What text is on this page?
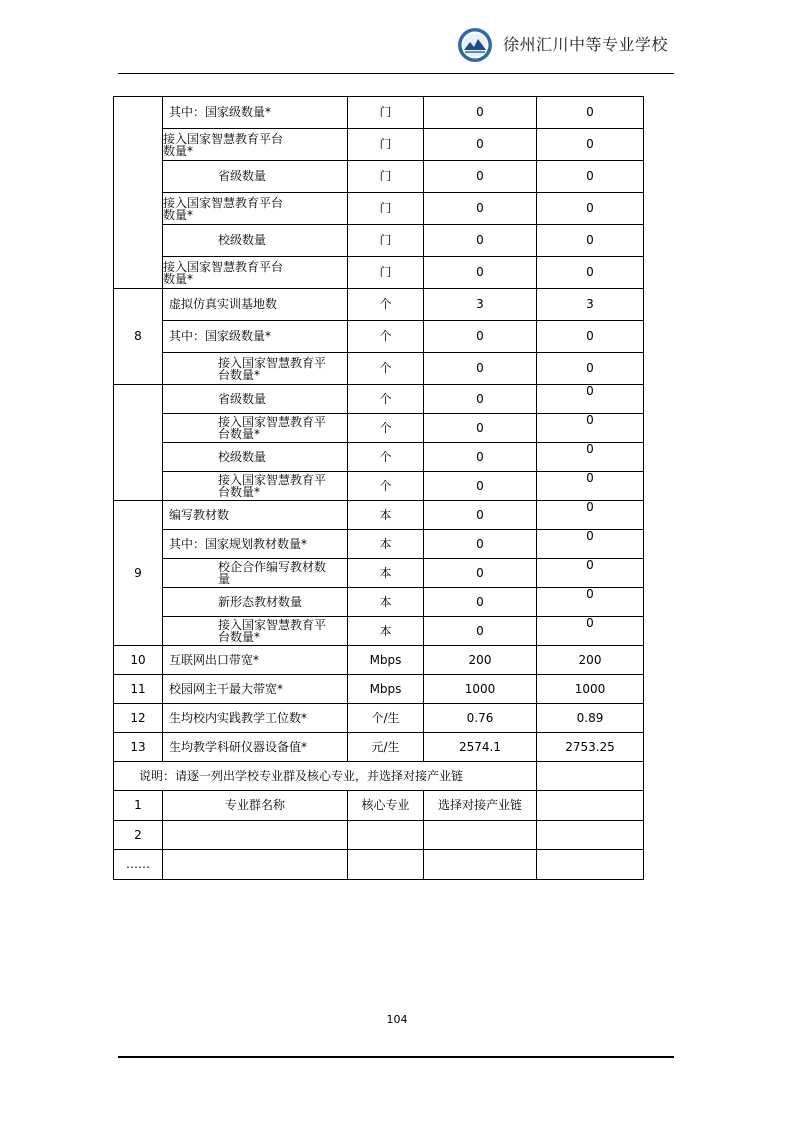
徐州汇川中等专业学校
	其中：国家级数量*	门	0	0
	接入国家智慧教育平台
数量*	门	0	0
	省级数量	门	0	0
	接入国家智慧教育平台
数量*	门	0	0
	校级数量	门	0	0
	接入国家智慧教育平台
数量*	门	0	0
8	虚拟仿真实训基地数	个	3	3
	其中：国家级数量*	个	0	0
	接入国家智慧教育平
台数量*	个	0	0
	省级数量	个	0	0
	接入国家智慧教育平
台数量*	个	0	0
	校级数量	个	0	0
	接入国家智慧教育平
台数量*	个	0	0
9	编写教材数	本	0	0
	其中：国家规划教材数量*	本	0	0
	校企合作编写教材数
量	本	0	0
	新形态教材数量	本	0	0
	接入国家智慧教育平
台数量*	本	0	0
10	互联网出口带宽*	Mbps	200	200
11	校园网主干最大带宽*	Mbps	1000	1000
12	生均校内实践教学工位数*	个/生	0.76	0.89
13	生均教学科研仪器设备值*	元/生	2574.1	2753.25
说明：请逐一列出学校专业群及核心专业，并选择对接产业链				
1	专业群名称	核心专业	选择对接产业链	
2				
……				
104
